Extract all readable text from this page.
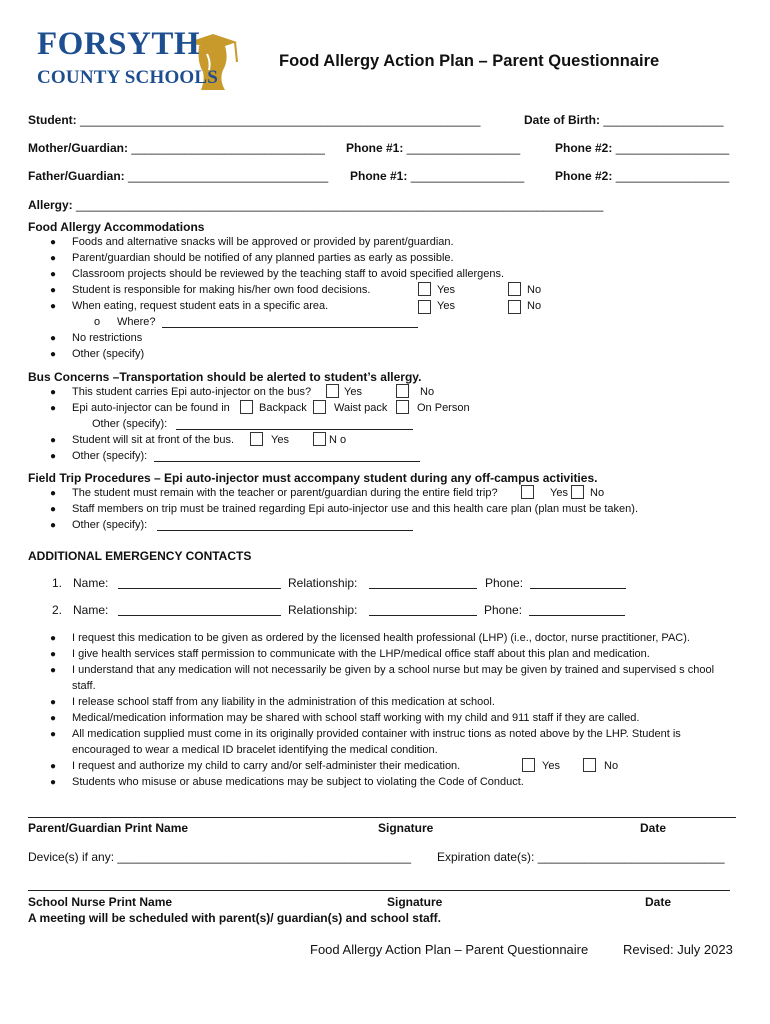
FORSYTH
COUNTY SCHOOLS
Food Allergy Action Plan – Parent Questionnaire
Student: ____________________________________________________________	Date of Birth: __________________
Mother/Guardian: _____________________________ Phone #1: _________________	Phone #2: _________________
Father/Guardian: ______________________________ Phone #1: _________________	Phone #2: _________________
Allergy: _______________________________________________________________________________
Food Allergy Accommodations
● Foods and alternative snacks will be approved or provided by parent/guardian.
● Parent/guardian should be notified of any planned parties as early as possible.
● Classroom projects should be reviewed by the teaching staff to avoid specified allergens.
● Student is responsible for making his/her own food decisions.	Yes	No
● When eating, request student eats in a specific area.	Yes	No
o Where?
● No restrictions
● Other (specify)
Bus Concerns –Transportation should be alerted to student’s allergy.
● This student carries Epi auto-injector on the bus?	Yes	No
● Epi auto-injector can be found in	Backpack Waist pack	On Person
Other (specify):
● Student will sit at front of the bus.	Yes	N o
● Other (specify):
Field Trip Procedures – Epi auto-injector must accompany student during any off-campus activities.
● The student must remain with the teacher or parent/guardian during the entire field trip?	Yes No
● Staff members on trip must be trained regarding Epi auto-injector use and this health care plan (plan must be taken).
● Other (specify):
ADDITIONAL EMERGENCY CONTACTS
1. Name:	Relationship:	Phone:
2. Name:	Relationship:	Phone:
● I request this medication to be given as ordered by the licensed health professional (LHP) (i.e., doctor, nurse practitioner, PAC).
● I give health services staff permission to communicate with the LHP/medical office staff about this plan and medication.
● I understand that any medication will not necessarily be given by a school nurse but may be given by trained and supervised s chool
staff.
● I release school staff from any liability in the administration of this medication at school.
● Medical/medication information may be shared with school staff working with my child and 911 staff if they are called.
● All medication supplied must come in its originally provided container with instruc tions as noted above by the LHP. Student is
encouraged to wear a medical ID bracelet identifying the medical condition.
● I request and authorize my child to carry and/or self-administer their medication.	Yes	No
● Students who misuse or abuse medications may be subject to violating the Code of Conduct.
Parent/Guardian Print Name	Signature	Date
Device(s) if any: ____________________________________________ Expiration date(s): ____________________________
School Nurse Print Name	Signature	Date
A meeting will be scheduled with parent(s)/ guardian(s) and school staff.
Food Allergy Action Plan – Parent Questionnaire	Revised: July 2023
